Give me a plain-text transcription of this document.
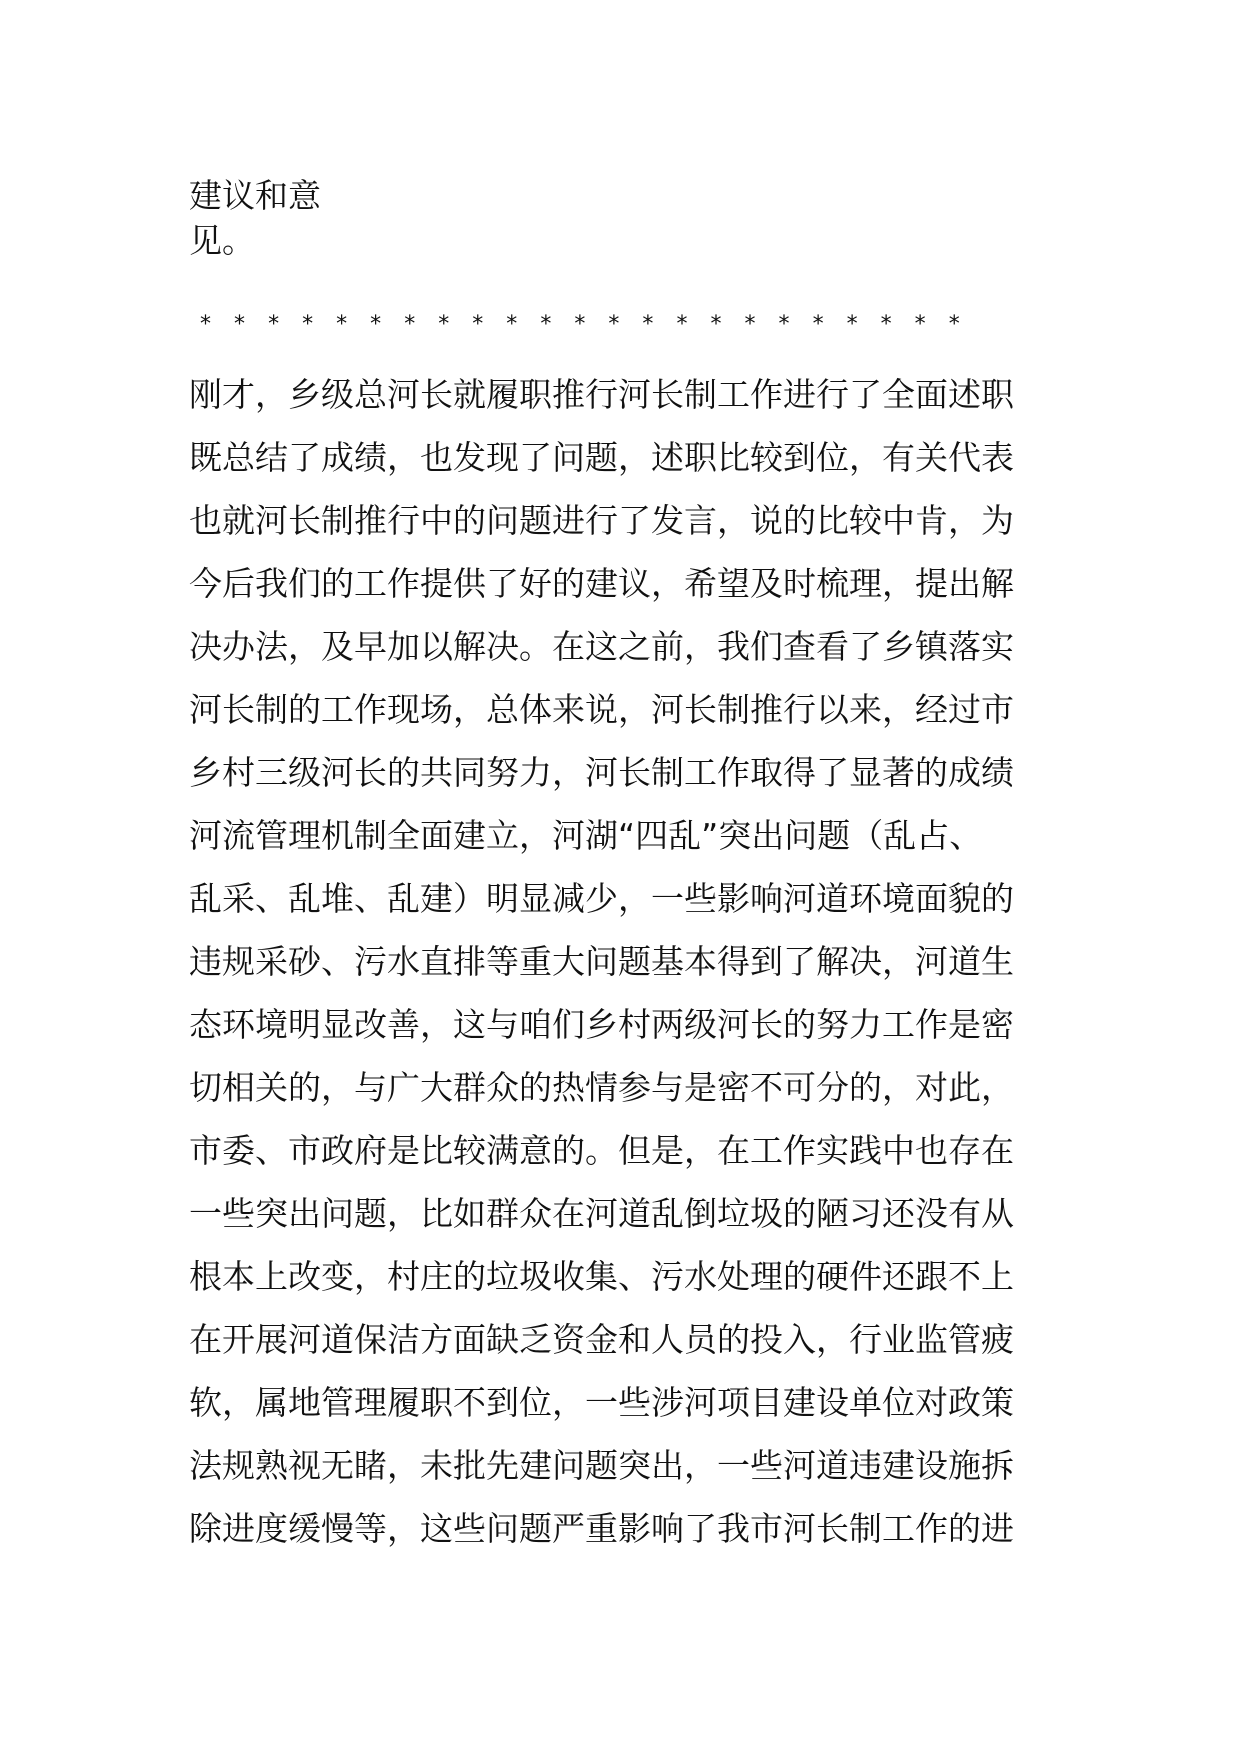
建议和意
见。
* * * * * * * * * * * * * * * * * * * * * * *
刚才，乡级总河长就履职推行河长制工作进行了全面述职
既总结了成绩，也发现了问题，述职比较到位，有关代表
也就河长制推行中的问题进行了发言，说的比较中肯，为
今后我们的工作提供了好的建议，希望及时梳理，提出解
决办法，及早加以解决。在这之前，我们查看了乡镇落实
河长制的工作现场，总体来说，河长制推行以来，经过市
乡村三级河长的共同努力，河长制工作取得了显著的成绩
河流管理机制全面建立，河湖“四乱”突出问题（乱占、
乱采、乱堆、乱建）明显减少，一些影响河道环境面貌的
违规采砂、污水直排等重大问题基本得到了解决，河道生
态环境明显改善，这与咱们乡村两级河长的努力工作是密
切相关的，与广大群众的热情参与是密不可分的，对此，
市委、市政府是比较满意的。但是，在工作实践中也存在
一些突出问题，比如群众在河道乱倒垃圾的陋习还没有从
根本上改变，村庄的垃圾收集、污水处理的硬件还跟不上
在开展河道保洁方面缺乏资金和人员的投入，行业监管疲
软，属地管理履职不到位，一些涉河项目建设单位对政策
法规熟视无睹，未批先建问题突出，一些河道违建设施拆
除进度缓慢等，这些问题严重影响了我市河长制工作的进
